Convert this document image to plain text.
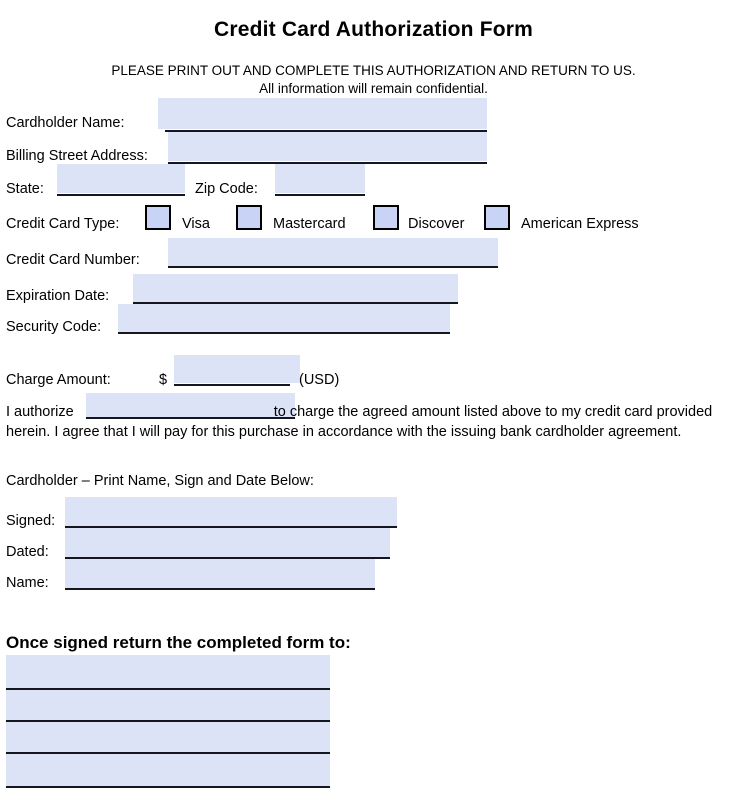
Credit Card Authorization Form
PLEASE PRINT OUT AND COMPLETE THIS AUTHORIZATION AND RETURN TO US.
All information will remain confidential.
Cardholder Name:
Billing Street Address:
State:	Zip Code:
Credit Card Type:	Visa	Mastercard	Discover	American Express
Credit Card Number:
Expiration Date:
Security Code:
Charge Amount:	$	(USD)
I authorize	to charge the agreed amount listed above to my credit card provided herein. I agree that I will pay for this purchase in accordance with the issuing bank cardholder agreement.
Cardholder – Print Name, Sign and Date Below:
Signed:
Dated:
Name:
Once signed return the completed form to:
